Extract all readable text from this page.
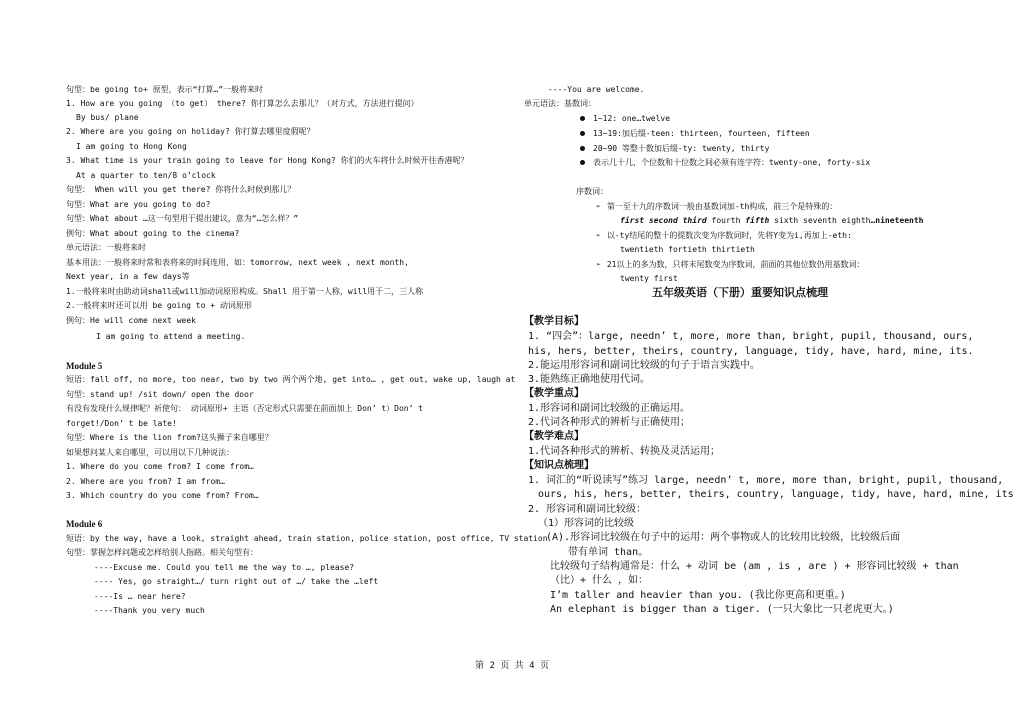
句型：be going to+ 原型，表示“打算…”一般将来时
1. How are you going （to get） there? 你打算怎么去那儿？（对方式，方法进行提问）
By bus/ plane
2. Where are you going on holiday? 你打算去哪里度假呢？
I am going to Hong Kong
3. What time is your train going to leave for Hong Kong? 你们的火车将什么时候开往香港呢？
At a quarter to ten/8 o’clock
句型： When will you get there? 你将什么时候到那儿？
句型：What are you going to do?
句型：What about …这一句型用于提出建议，意为“…怎么样？”
例句：What about going to the cinema?
单元语法：一般将来时
基本用法：一般将来时常和表将来的时间连用，如：tomorrow, next week , next month,
Next year, in a few days等
1.一般将来时由助动词shall或will加动词原形构成。Shall 用于第一人称，will用于二，三人称
2.一般将来时还可以用 be going to + 动词原形
例句：He will come next week
I am going to attend a meeting.
Module 5
短语：fall off, no more, too near, two by two 两个两个地, get into… , get out, wake up, laugh at
句型：stand up! /sit down/ open the door
有没有发现什么规律呢？祈使句： 动词原形+ 主语（否定形式只需要在前面加上 Don’ t）Don’ t
forget!/Don’ t be late!
句型：Where is the lion from?这头狮子来自哪里？
如果想问某人来自哪里，可以用以下几种说法：
1. Where do you come from? I come from…
2. Where are you from? I am from…
3. Which country do you come from? From…
Module 6
短语：by the way, have a look, straight ahead, train station, police station, post office, TV station
句型：掌握怎样问题或怎样给别人指路。相关句型有：
----Excuse me. Could you tell me the way to …, please?
---- Yes, go straight…/ turn right out of …/ take the …left
----Is … near here?
----Thank you very much
----You are welcome.
单元语法：基数词：
1~12: one…twelve
13~19:加后缀-teen: thirteen, fourteen, fifteen
20~90 等整十数加后缀-ty: twenty, thirty
表示几十几，个位数和十位数之间必须有连字符：twenty-one, forty-six
序数词：
➢ 第一至十九的序数词一般由基数词加-th构成，前三个是特殊的：
first second third fourth fifth sixth seventh eighth…nineteenth
➢ 以-ty结尾的整十的提数次变为序数词时，先将Y变为i,再加上-eth:
twentieth fortieth thirtieth
➢ 21以上的多为数，只将末尾数变为序数词，前面的其他位数仍用基数词：
twenty first
五年级英语（下册）重要知识点梳理
【教学目标】
1. “四会”：large, needn’ t, more, more than, bright, pupil, thousand, ours,
his, hers, better, theirs, country, language, tidy, have, hard, mine, its.
2.能运用形容词和副词比较级的句子于语言实践中。
3.能熟练正确地使用代词。
【教学重点】
1.形容词和副词比较级的正确运用。
2.代词各种形式的辨析与正确使用；
【教学难点】
1.代词各种形式的辨析、转换及灵活运用；
【知识点梳理】
1. 词汇的“听说读写”练习 large, needn’ t, more, more than, bright, pupil, thousand,
ours, his, hers, better, theirs, country, language, tidy, have, hard, mine, its
2. 形容词和副词比较级：
（1）形容词的比较级
(A).形容词比较级在句子中的运用：两个事物或人的比较用比较级，比较级后面
带有单词 than。
比较级句子结构通常是：什么 + 动词 be (am , is , are ) + 形容词比较级 + than
（比）+ 什么 ，如：
I’m taller and heavier than you. (我比你更高和更重。)
An elephant is bigger than a tiger. (一只大象比一只老虎更大。)
第 2 页 共 4 页
